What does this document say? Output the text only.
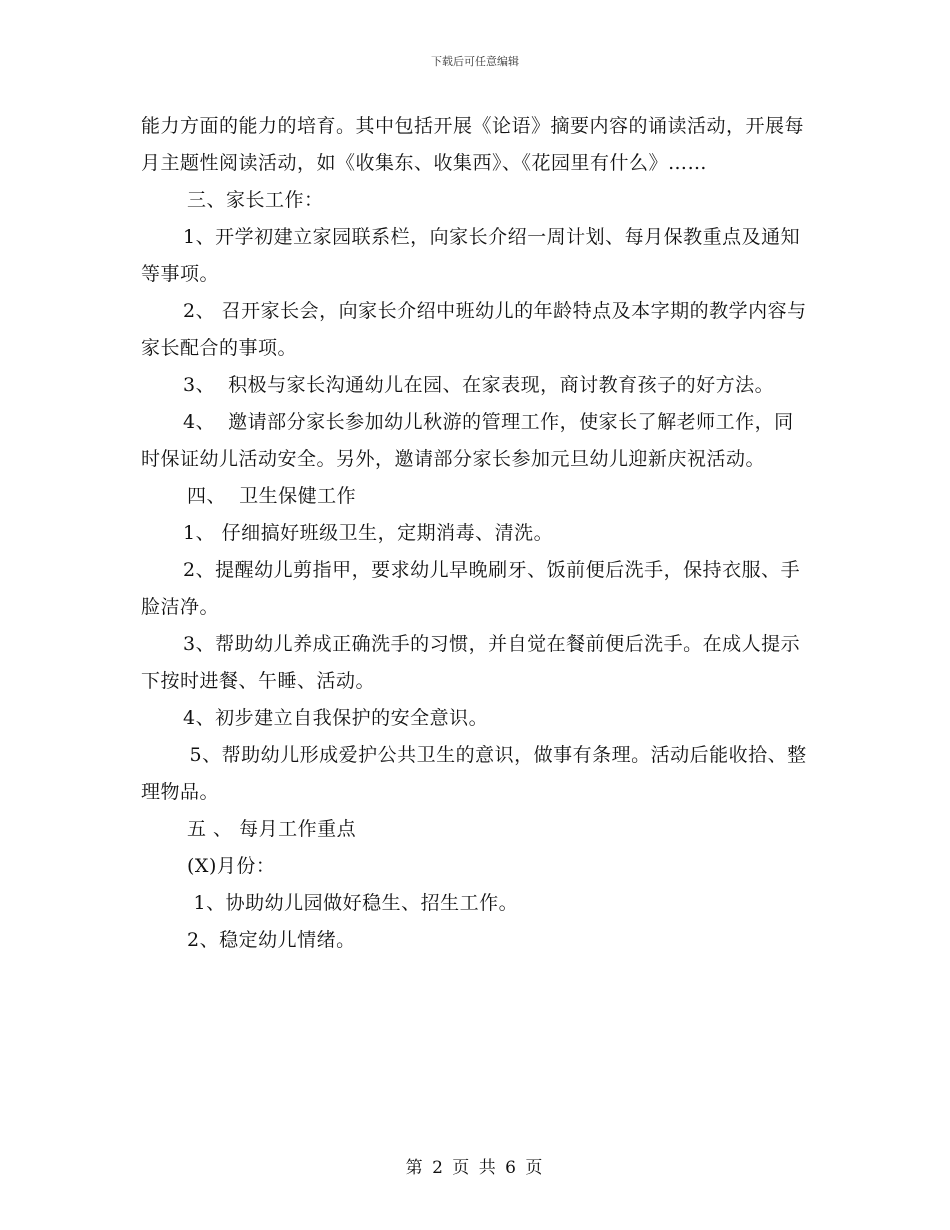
下载后可任意编辑

能力方面的能力的培育。其中包括开展《论语》摘要内容的诵读活动，开展每月主题性阅读活动，如《收集东、收集西》、《花园里有什么》……

三、家长工作：

1、开学初建立家园联系栏，向家长介绍一周计划、每月保教重点及通知等事项。

2、 召开家长会，向家长介绍中班幼儿的年龄特点及本字期的教学内容与家长配合的事项。

3、  积极与家长沟通幼儿在园、在家表现，商讨教育孩子的好方法。

4、  邀请部分家长参加幼儿秋游的管理工作，使家长了解老师工作，同时保证幼儿活动安全。另外，邀请部分家长参加元旦幼儿迎新庆祝活动。

四、  卫生保健工作

1、 仔细搞好班级卫生，定期消毒、清洗。

2、提醒幼儿剪指甲，要求幼儿早晚刷牙、饭前便后洗手，保持衣服、手脸洁净。

3、帮助幼儿养成正确洗手的习惯，并自觉在餐前便后洗手。在成人提示下按时进餐、午睡、活动。

4、初步建立自我保护的安全意识。

5、帮助幼儿形成爱护公共卫生的意识，做事有条理。活动后能收拾、整理物品。

五 、 每月工作重点

(X)月份：

1、协助幼儿园做好稳生、招生工作。

2、稳定幼儿情绪。

第 2 页 共 6 页
